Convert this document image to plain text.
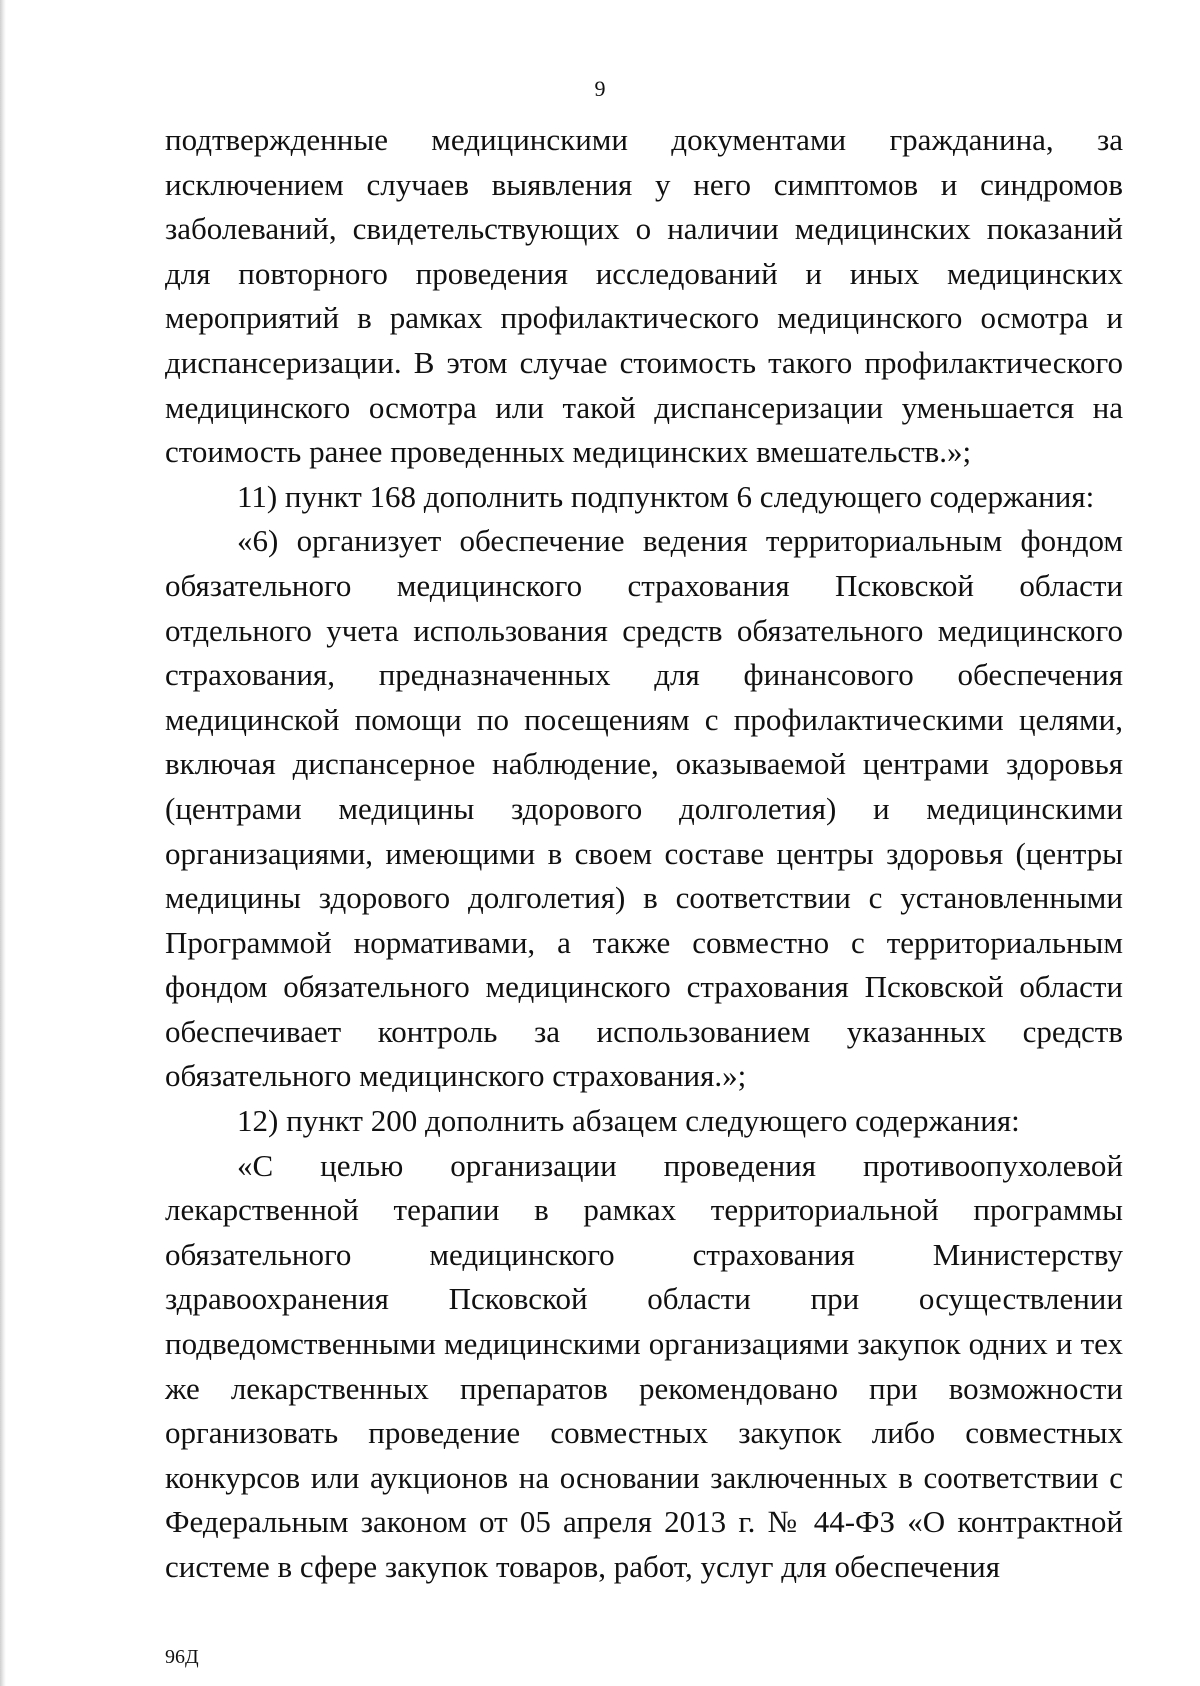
9

подтвержденные медицинскими документами гражданина, за исключением случаев выявления у него симптомов и синдромов заболеваний, свидетельствующих о наличии медицинских показаний для повторного проведения исследований и иных медицинских мероприятий в рамках профилактического медицинского осмотра и диспансеризации. В этом случае стоимость такого профилактического медицинского осмотра или такой диспансеризации уменьшается на стоимость ранее проведенных медицинских вмешательств.»;

11) пункт 168 дополнить подпунктом 6 следующего содержания:

«6) организует обеспечение ведения территориальным фондом обязательного медицинского страхования Псковской области отдельного учета использования средств обязательного медицинского страхования, предназначенных для финансового обеспечения медицинской помощи по посещениям с профилактическими целями, включая диспансерное наблюдение, оказываемой центрами здоровья (центрами медицины здорового долголетия) и медицинскими организациями, имеющими в своем составе центры здоровья (центры медицины здорового долголетия) в соответствии с установленными Программой нормативами, а также совместно с территориальным фондом обязательного медицинского страхования Псковской области обеспечивает контроль за использованием указанных средств обязательного медицинского страхования.»;

12) пункт 200 дополнить абзацем следующего содержания:

«С целью организации проведения противоопухолевой лекарственной терапии в рамках территориальной программы обязательного медицинского страхования Министерству здравоохранения Псковской области при осуществлении подведомственными медицинскими организациями закупок одних и тех же лекарственных препаратов рекомендовано при возможности организовать проведение совместных закупок либо совместных конкурсов или аукционов на основании заключенных в соответствии с Федеральным законом от 05 апреля 2013 г. № 44-ФЗ «О контрактной системе в сфере закупок товаров, работ, услуг для обеспечения

96Д
